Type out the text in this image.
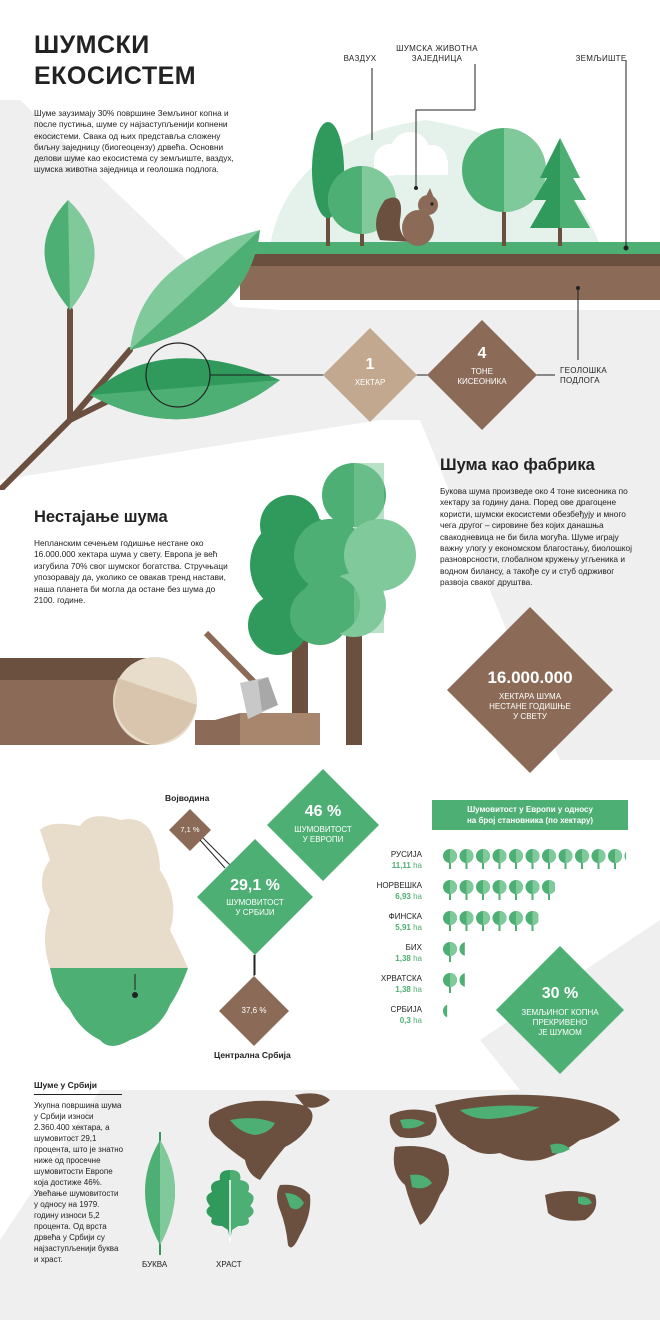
ШУМСКИ
ЕКОСИСТЕМ
Шуме заузимају 30% површине Земљиног копна и после пустиња, шуме су најзаступљенији копнени екосистеми. Свака од њих представља сложену биљну заједницу (биогеоцензу) дрвећа. Основни делови шуме као екосистема су земљиште, ваздух, шумска животна заједница и геолошка подлога.
ВАЗДУХ
ШУМСКА ЖИВОТНА
ЗАЈЕДНИЦА	ЗЕМЉИШТЕ
ГЕОЛОШКА
ПОДЛОГА
1
ХЕКТАР
4
ТОНЕ
КИСЕОНИКА
Шума као фабрика
Букова шума произведе око 4 тоне кисеоника по хектару за годину дана. Поред ове драгоцене користи, шумски екосистеми обезбеђују и много чега другог – сировине без којих данашња свакодневица не би била могућа. Шуме играју важну улогу у економском благостању, биолошкој разноврсности, глобалном кружењу угљеника и водном билансу, а такође су и стуб одрживог развоја сваког друштва.
Нестајање шума
Непланским сечењем годишње нестане око 16.000.000 хектара шума у свету. Европа је већ изгубила 70% свог шумског богатства. Стручњаци упозоравају да, уколико се овакав тренд настави, наша планета би могла да остане без шума до 2100. године.
16.000.000
ХЕКТАРА ШУМА
НЕСТАНЕ ГОДИШЊЕ
У СВЕТУ
Војводина
7,1 %
29,1 %
ШУМОВИТОСТ
У СРБИЈИ
37,6 %
Централна Србија
46 %
ШУМОВИТОСТ
У ЕВРОПИ
Шумовитост у Европи у односу
на број становника (по хектару)
РУСИЈА
11,11 ha
НОРВЕШКА
6,93 ha
ФИНСКА
5,91 ha
БИХ
1,38 ha
ХРВАТСКА
1,38 ha
СРБИЈА
0,3 ha
30 %
ЗЕМЉИНОГ КОПНА
ПРЕКРИВЕНО
ЈЕ ШУМОМ
Шуме у Србији
Укупна површина шума у Србији износи 2.360.400 хектара, а шумовитост 29,1 процента, што је знатно ниже од просечне шумовитости Европе која достиже 46%. Увећање шумовитости у односу на 1979. годину износи 5,2 процента. Од врста дрвећа у Србији су најзаступљенији буква и храст.
БУКВА	ХРАСТ
